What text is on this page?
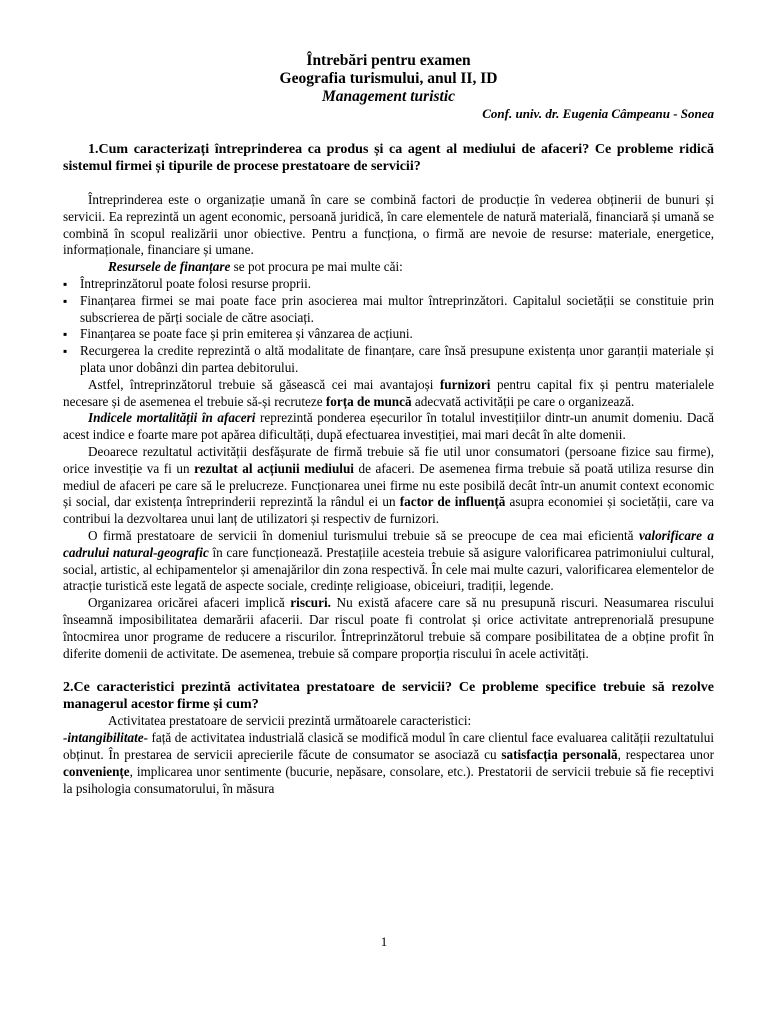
Întrebări pentru examen
Geografia turismului, anul II, ID
Management turistic
Conf. univ. dr. Eugenia Câmpeanu - Sonea

1.Cum caracterizați întreprinderea ca produs și ca agent al mediului de afaceri? Ce probleme ridică sistemul firmei și tipurile de procese prestatoare de servicii?

Întreprinderea este o organizație umană în care se combină factori de producție în vederea obținerii de bunuri și servicii. Ea reprezintă un agent economic, persoană juridică, în care elementele de natură materială, financiară și umană se combină în scopul realizării unor obiective. Pentru a funcționa, o firmă are nevoie de resurse: materiale, energetice, informaționale, financiare și umane.

Resursele de finanțare se pot procura pe mai multe căi:

▪ Întreprinzătorul poate folosi resurse proprii.
▪ Finanțarea firmei se mai poate face prin asocierea mai multor întreprinzători. Capitalul societății se constituie prin subscrierea de părți sociale de către asociați.
▪ Finanțarea se poate face și prin emiterea și vânzarea de acțiuni.
▪ Recurgerea la credite reprezintă o altă modalitate de finanțare, care însă presupune existența unor garanții materiale și plata unor dobânzi din partea debitorului.

Astfel, întreprinzătorul trebuie să găsească cei mai avantajoși furnizori pentru capital fix și pentru materialele necesare și de asemenea el trebuie să-și recruteze forța de muncă adecvată activității pe care o organizează.

Indicele mortalității în afaceri reprezintă ponderea eșecurilor în totalul investițiilor dintr-un anumit domeniu. Dacă acest indice e foarte mare pot apărea dificultăți, după efectuarea investiției, mai mari decât în alte domenii.

Deoarece rezultatul activității desfășurate de firmă trebuie să fie util unor consumatori (persoane fizice sau firme), orice investiție va fi un rezultat al acțiunii mediului de afaceri. De asemenea firma trebuie să poată utiliza resurse din mediul de afaceri pe care să le prelucreze. Funcționarea unei firme nu este posibilă decât într-un anumit context economic și social, dar existența întreprinderii reprezintă la rândul ei un factor de influență asupra economiei și societății, care va contribui la dezvoltarea unui lanț de utilizatori și respectiv de furnizori.

O firmă prestatoare de servicii în domeniul turismului trebuie să se preocupe de cea mai eficientă valorificare a cadrului natural-geografic în care funcționează. Prestațiile acesteia trebuie să asigure valorificarea patrimoniului cultural, social, artistic, al echipamentelor și amenajărilor din zona respectivă. În cele mai multe cazuri, valorificarea elementelor de atracție turistică este legată de aspecte sociale, credințe religioase, obiceiuri, tradiții, legende.

Organizarea oricărei afaceri implică riscuri. Nu există afacere care să nu presupună riscuri. Neasumarea riscului înseamnă imposibilitatea demarării afacerii. Dar riscul poate fi controlat și orice activitate antreprenorială presupune întocmirea unor programe de reducere a riscurilor. Întreprinzătorul trebuie să compare posibilitatea de a obține profit în diferite domenii de activitate. De asemenea, trebuie să compare proporția riscului în acele activități.

2.Ce caracteristici prezintă activitatea prestatoare de servicii? Ce probleme specifice trebuie să rezolve managerul acestor firme și cum?

Activitatea prestatoare de servicii prezintă următoarele caracteristici:

-intangibilitate- față de activitatea industrială clasică se modifică modul în care clientul face evaluarea calității rezultatului obținut. În prestarea de servicii aprecierile făcute de consumator se asociază cu satisfacția personală, respectarea unor conveniențe, implicarea unor sentimente (bucurie, nepăsare, consolare, etc.). Prestatorii de servicii trebuie să fie receptivi la psihologia consumatorului, în măsura

1
